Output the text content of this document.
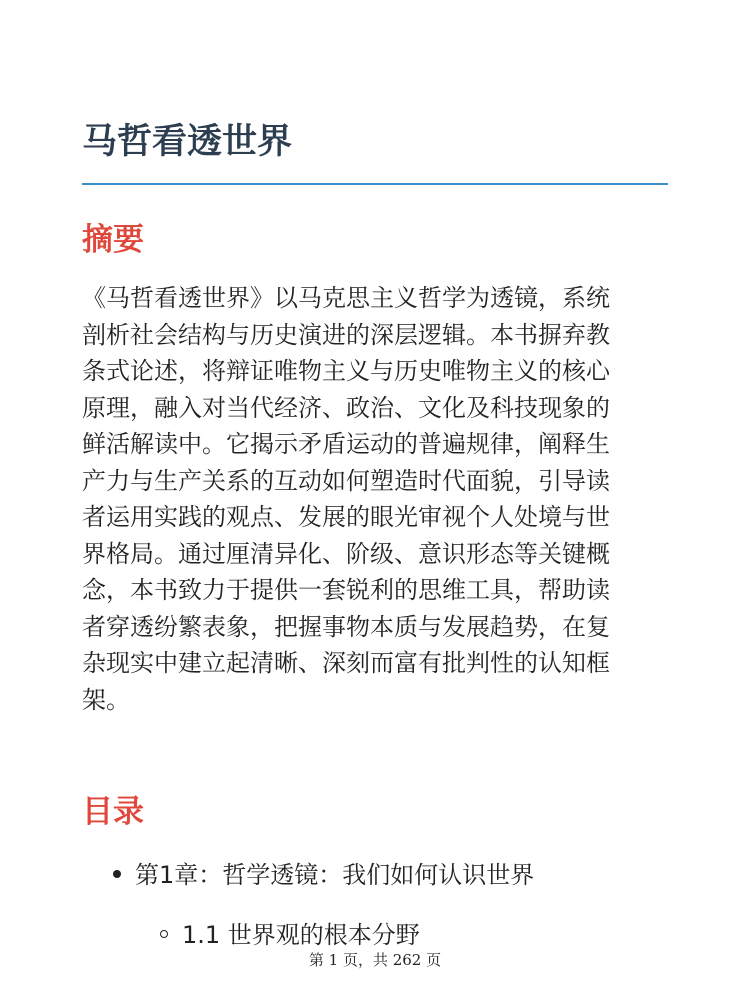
马哲看透世界
摘要
《马哲看透世界》以马克思主义哲学为透镜，系统
剖析社会结构与历史演进的深层逻辑。本书摒弃教
条式论述，将辩证唯物主义与历史唯物主义的核心
原理，融入对当代经济、政治、文化及科技现象的
鲜活解读中。它揭示矛盾运动的普遍规律，阐释生
产力与生产关系的互动如何塑造时代面貌，引导读
者运用实践的观点、发展的眼光审视个人处境与世
界格局。通过厘清异化、阶级、意识形态等关键概
念，本书致力于提供一套锐利的思维工具，帮助读
者穿透纷繁表象，把握事物本质与发展趋势，在复
杂现实中建立起清晰、深刻而富有批判性的认知框
架。
目录
第1章：哲学透镜：我们如何认识世界
1.1 世界观的根本分野
第 1 页，共 262 页
